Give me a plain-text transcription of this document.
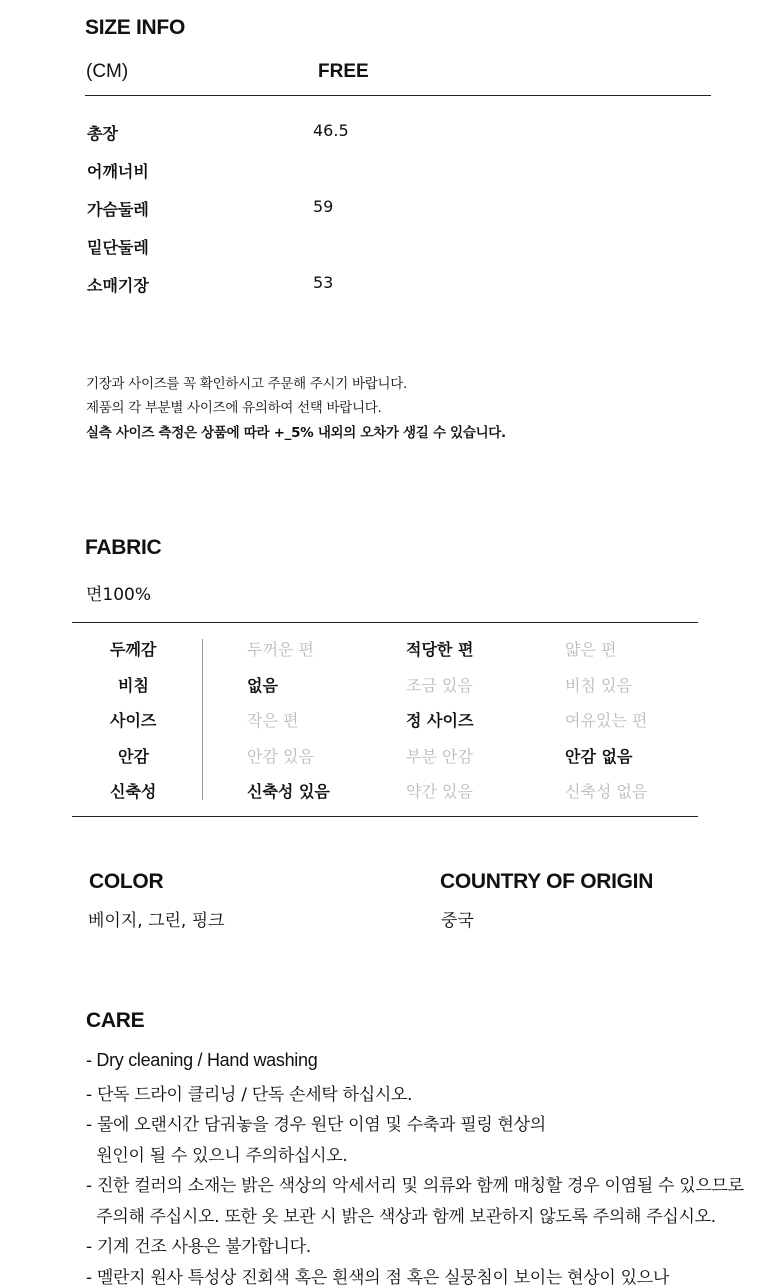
SIZE INFO
(CM)	FREE
총장	46.5
어깨너비
가슴둘레	59
밑단둘레
소매기장	53
기장과 사이즈를 꼭 확인하시고 주문해 주시기 바랍니다.
제품의 각 부분별 사이즈에 유의하여 선택 바랍니다.
실측 사이즈 측정은 상품에 따라 +_5% 내외의 오차가 생길 수 있습니다.
FABRIC
면100%
두께감	두꺼운 편	적당한 편	얇은 편
비침	없음	조금 있음	비침 있음
사이즈	작은 편	정 사이즈	여유있는 편
안감	안감 있음	부분 안감	안감 없음
신축성	신축성 있음	약간 있음	신축성 없음
COLOR
베이지, 그린, 핑크
COUNTRY OF ORIGIN
중국
CARE
- Dry cleaning / Hand washing
- 단독 드라이 클리닝 / 단독 손세탁 하십시오.
- 물에 오랜시간 담궈놓을 경우 원단 이염 및 수축과 필링 현상의
원인이 될 수 있으니 주의하십시오.
- 진한 컬러의 소재는 밝은 색상의 악세서리 및 의류와 함께 매칭할 경우 이염될 수 있으므로
주의해 주십시오. 또한 옷 보관 시 밝은 색상과 함께 보관하지 않도록 주의해 주십시오.
- 기계 건조 사용은 불가합니다.
- 멜란지 원사 특성상 진회색 혹은 흰색의 점 혹은 실뭉침이 보이는 현상이 있으나
